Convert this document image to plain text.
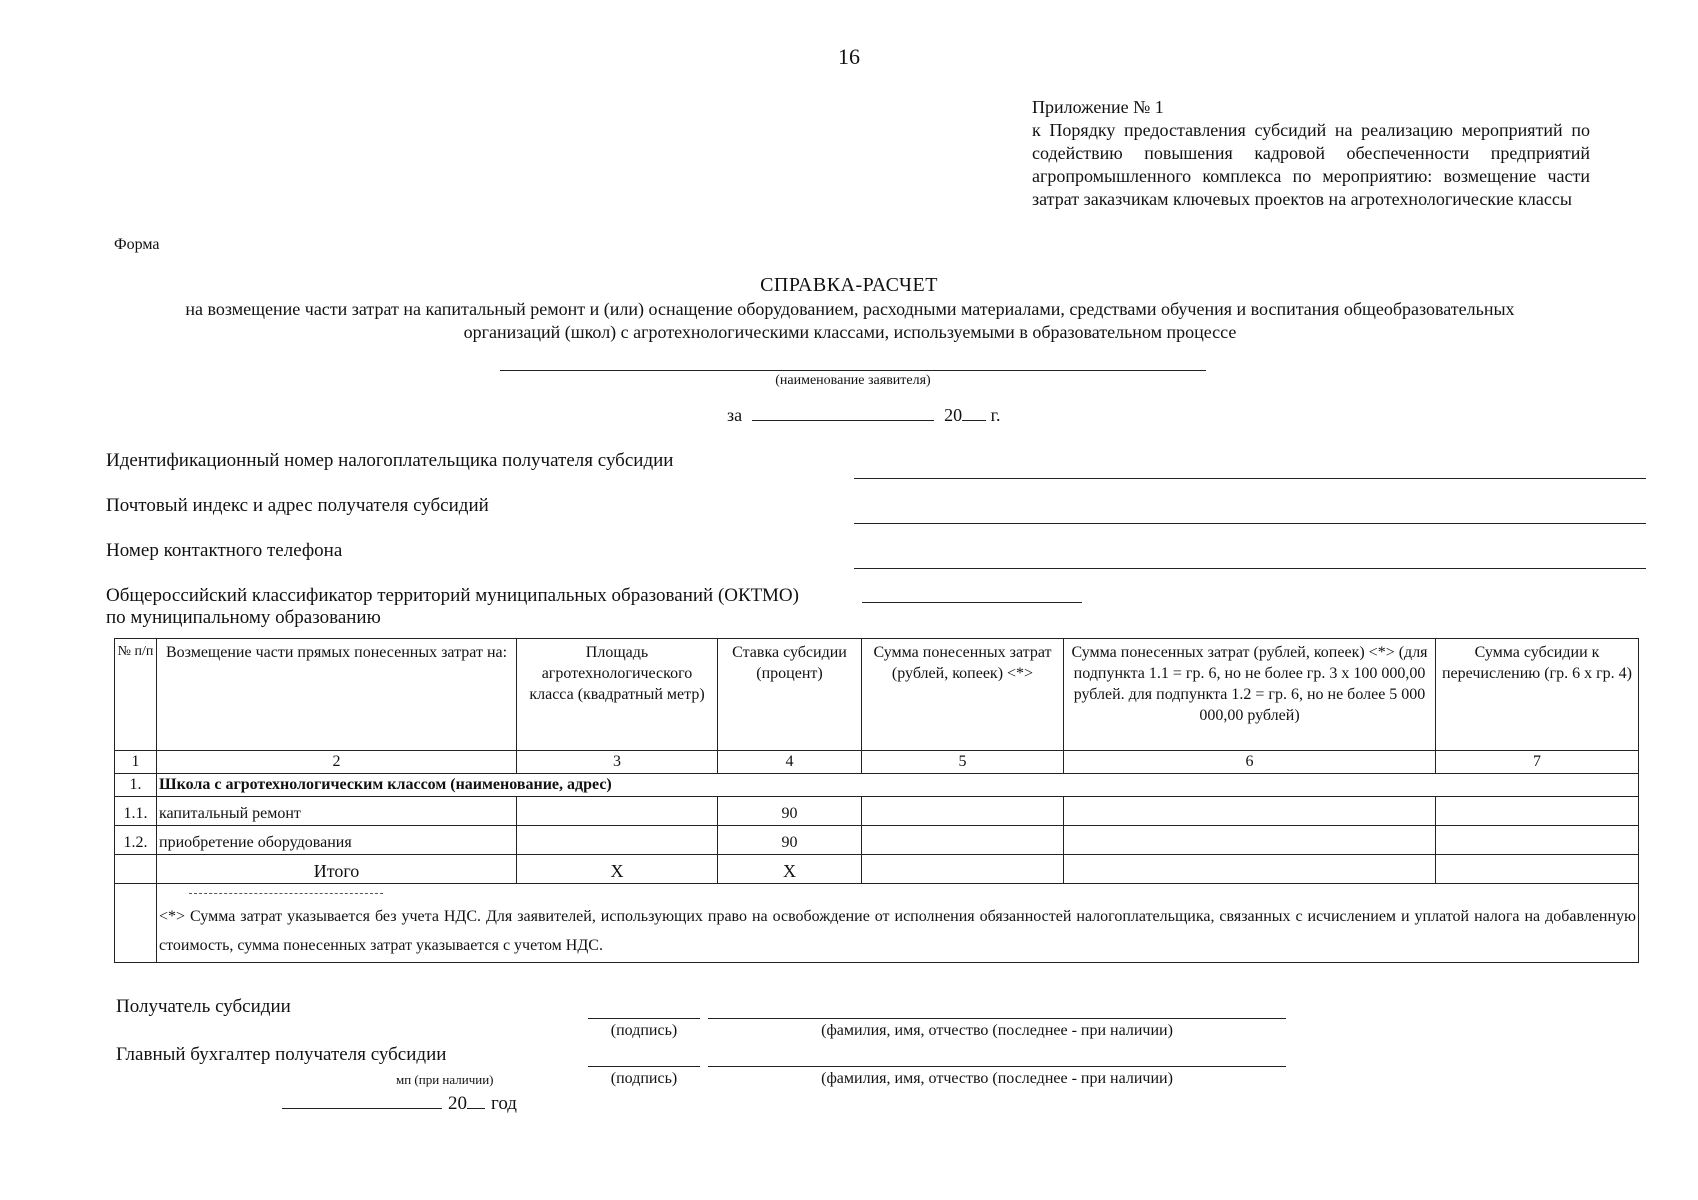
16
Приложение № 1
к Порядку предоставления субсидий на реализацию мероприятий по содействию повышения кадровой обеспеченности предприятий агропромышленного комплекса по мероприятию: возмещение части затрат заказчикам ключевых проектов на агротехнологические классы
Форма
СПРАВКА-РАСЧЕТ
на возмещение части затрат на капитальный ремонт и (или) оснащение оборудованием, расходными материалами, средствами обучения и воспитания общеобразовательных организаций (школ) с агротехнологическими классами, используемыми в образовательном процессе
(наименование заявителя)
за	20 г.
Идентификационный номер налогоплательщика получателя субсидии
Почтовый индекс и адрес получателя субсидий
Номер контактного телефона
Общероссийский классификатор территорий муниципальных образований (ОКТМО)
по муниципальному образованию
№ п/п	Возмещение части прямых понесенных затрат на:	Площадь агротехнологического класса (квадратный метр)	Ставка субсидии (процент)	Сумма понесенных затрат (рублей, копеек) <*>	Сумма понесенных затрат (рублей, копеек) <*> (для подпункта 1.1 = гр. 6, но не более гр. 3 x 100 000,00 рублей. для подпункта 1.2 = гр. 6, но не более 5 000 000,00 рублей)	Сумма субсидии к перечислению (гр. 6 x гр. 4)
1	2	3	4	5	6	7
1.	Школа с агротехнологическим классом (наименование, адрес)					
1.1.	капитальный ремонт		90			
1.2.	приобретение оборудования		90			
	Итого	Х	Х			

	<*> Сумма затрат указывается без учета НДС. Для заявителей, использующих право на освобождение от исполнения обязанностей налогоплательщика, связанных с исчислением и уплатой налога на добавленную стоимость, сумма понесенных затрат указывается с учетом НДС.					
Получатель субсидии
(подпись)	(фамилия, имя, отчество (последнее - при наличии)
Главный бухгалтер получателя субсидии
(подпись)	(фамилия, имя, отчество (последнее - при наличии)
мп (при наличии)
20 год
